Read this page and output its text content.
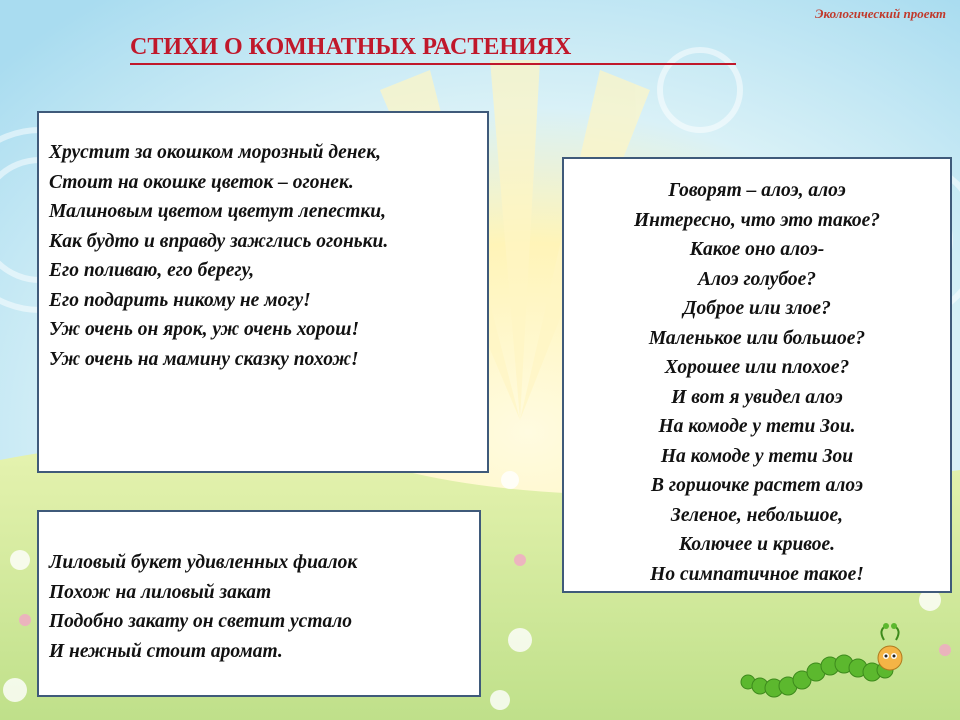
Экологический проект
СТИХИ О КОМНАТНЫХ РАСТЕНИЯХ
Хрустит за окошком морозный денек,
Стоит на окошке цветок – огонек.
Малиновым цветом цветут лепестки,
Как будто и вправду зажглись огоньки.
Его поливаю, его берегу,
Его подарить никому не могу!
Уж очень он ярок, уж очень хорош!
Уж очень на мамину сказку похож!
Говорят – алоэ, алоэ
Интересно, что это такое?
Какое оно алоэ-
Алоэ голубое?
Доброе или злое?
Маленькое или большое?
Хорошее или плохое?
И вот я увидел алоэ
На комоде у тети Зои.
На комоде у тети Зои
В горшочке растет алоэ
Зеленое, небольшое,
Колючее и кривое.
Но симпатичное такое!
Лиловый букет удивленных фиалок
Похож на лиловый закат
Подобно закату он светит устало
И нежный стоит аромат.
